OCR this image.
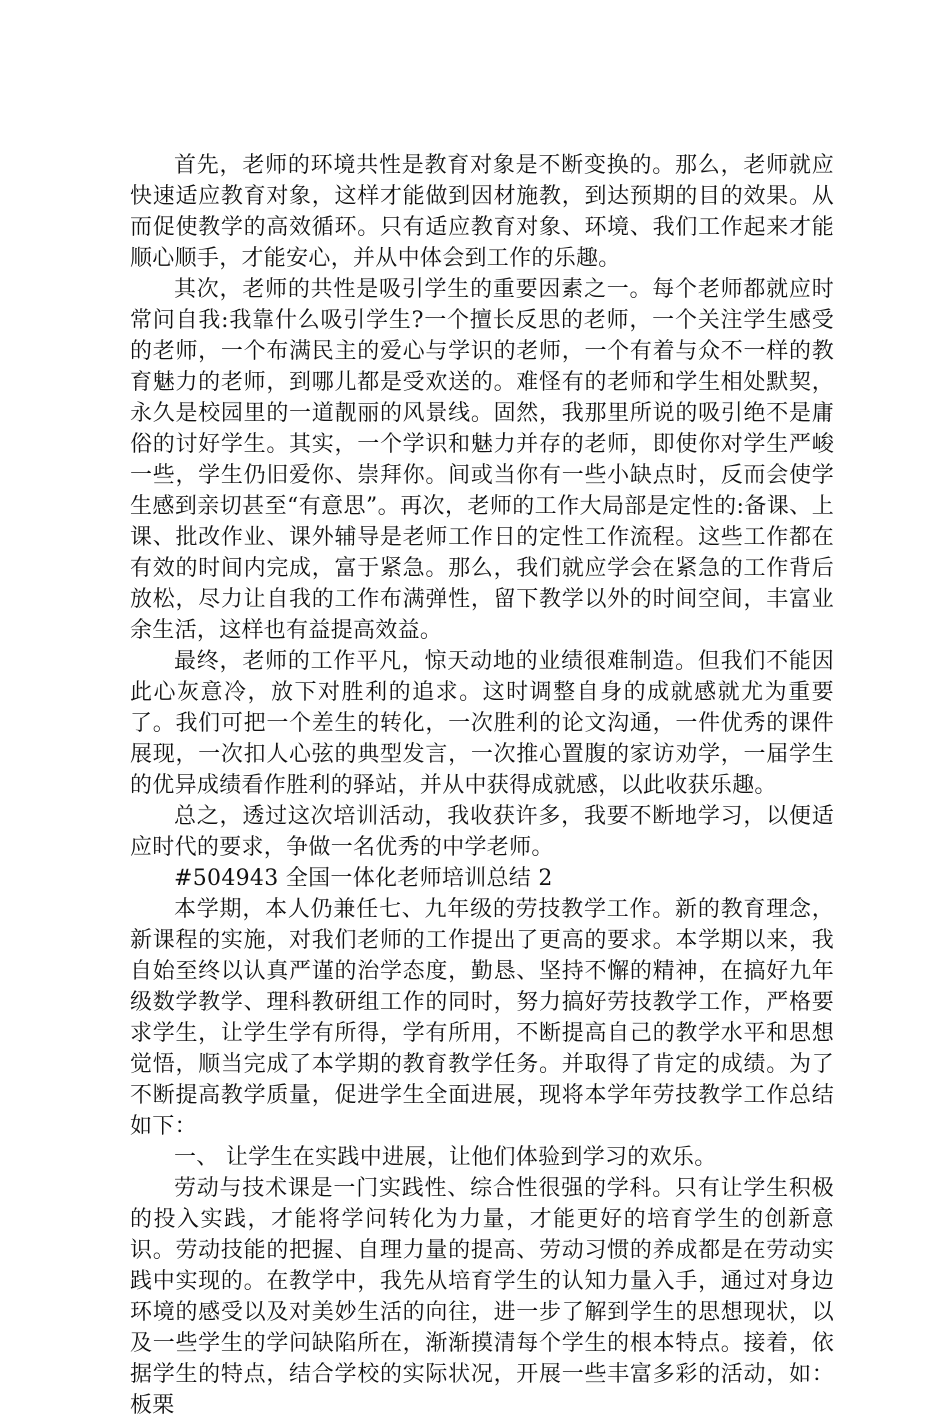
首先，老师的环境共性是教育对象是不断变换的。那么，老师就应快速适应教育对象，这样才能做到因材施教，到达预期的目的效果。从而促使教学的高效循环。只有适应教育对象、环境、我们工作起来才能顺心顺手，才能安心，并从中体会到工作的乐趣。

其次，老师的共性是吸引学生的重要因素之一。每个老师都就应时常问自我:我靠什么吸引学生?一个擅长反思的老师，一个关注学生感受的老师，一个布满民主的爱心与学识的老师，一个有着与众不一样的教育魅力的老师，到哪儿都是受欢送的。难怪有的老师和学生相处默契，永久是校园里的一道靓丽的风景线。固然，我那里所说的吸引绝不是庸俗的讨好学生。其实，一个学识和魅力并存的老师，即使你对学生严峻一些，学生仍旧爱你、崇拜你。间或当你有一些小缺点时，反而会使学生感到亲切甚至“有意思”。再次，老师的工作大局部是定性的:备课、上课、批改作业、课外辅导是老师工作日的定性工作流程。这些工作都在有效的时间内完成，富于紧急。那么，我们就应学会在紧急的工作背后放松，尽力让自我的工作布满弹性，留下教学以外的时间空间，丰富业余生活，这样也有益提高效益。

最终，老师的工作平凡，惊天动地的业绩很难制造。但我们不能因此心灰意冷，放下对胜利的追求。这时调整自身的成就感就尤为重要了。我们可把一个差生的转化，一次胜利的论文沟通，一件优秀的课件展现，一次扣人心弦的典型发言，一次推心置腹的家访劝学，一届学生的优异成绩看作胜利的驿站，并从中获得成就感，以此收获乐趣。

总之，透过这次培训活动，我收获许多，我要不断地学习，以便适应时代的要求，争做一名优秀的中学老师。

#504943 全国一体化老师培训总结 2

本学期，本人仍兼任七、九年级的劳技教学工作。新的教育理念，新课程的实施，对我们老师的工作提出了更高的要求。本学期以来，我自始至终以认真严谨的治学态度，勤恳、坚持不懈的精神，在搞好九年级数学教学、理科教研组工作的同时，努力搞好劳技教学工作，严格要求学生，让学生学有所得，学有所用，不断提高自己的教学水平和思想觉悟，顺当完成了本学期的教育教学任务。并取得了肯定的成绩。为了不断提高教学质量，促进学生全面进展，现将本学年劳技教学工作总结如下：

一、 让学生在实践中进展，让他们体验到学习的欢乐。

劳动与技术课是一门实践性、综合性很强的学科。只有让学生积极的投入实践，才能将学问转化为力量，才能更好的培育学生的创新意识。劳动技能的把握、自理力量的提高、劳动习惯的养成都是在劳动实践中实现的。在教学中，我先从培育学生的认知力量入手，通过对身边环境的感受以及对美妙生活的向往，进一步了解到学生的思想现状，以及一些学生的学问缺陷所在，渐渐摸清每个学生的根本特点。接着，依据学生的特点，结合学校的实际状况，开展一些丰富多彩的活动，如：板栗
